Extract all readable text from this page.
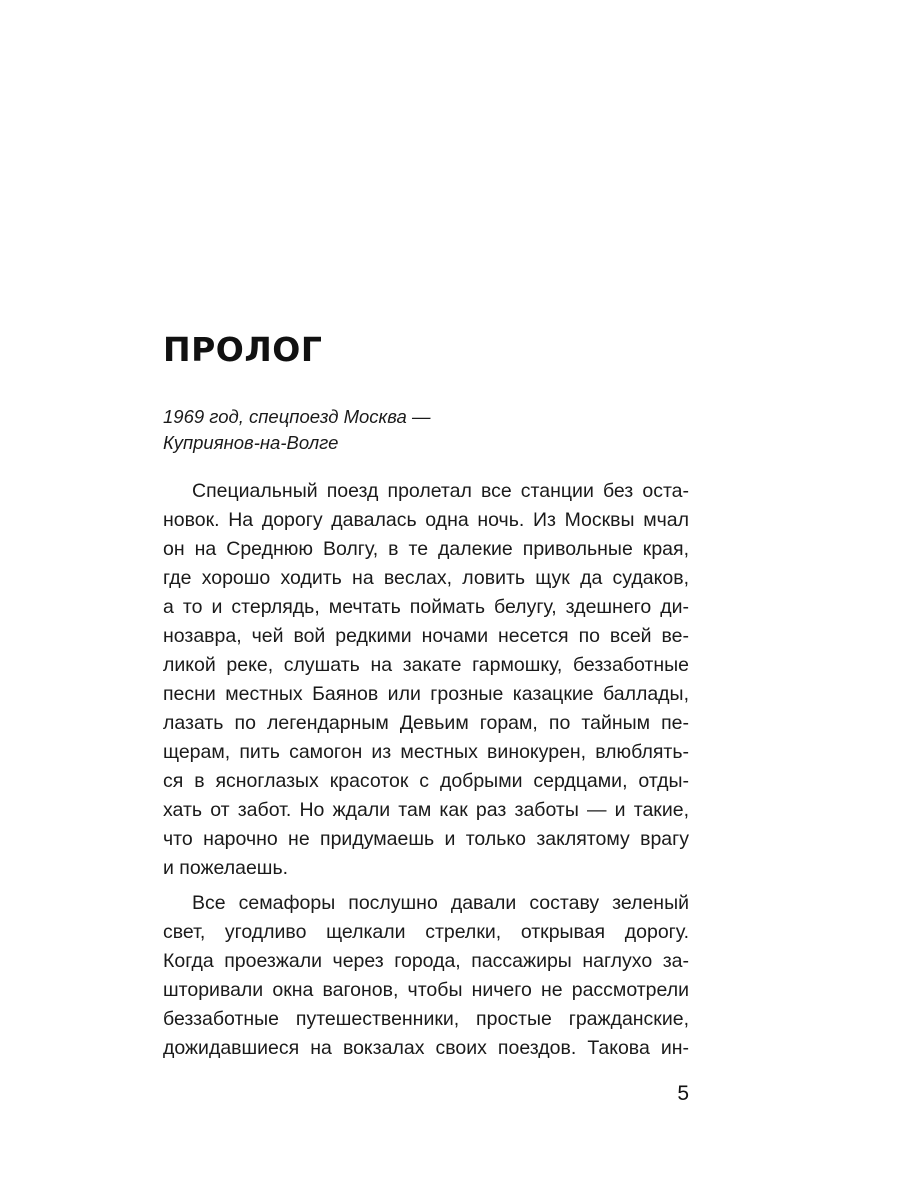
ПРОЛОГ

1969 год, спецпоезд Москва —
Куприянов-на-Волге

Специальный поезд пролетал все станции без оста-
новок. На дорогу давалась одна ночь. Из Москвы мчал
он на Среднюю Волгу, в те далекие привольные края,
где хорошо ходить на веслах, ловить щук да судаков,
а то и стерлядь, мечтать поймать белугу, здешнего ди-
нозавра, чей вой редкими ночами несется по всей ве-
ликой реке, слушать на закате гармошку, беззаботные
песни местных Баянов или грозные казацкие баллады,
лазать по легендарным Девьим горам, по тайным пе-
щерам, пить самогон из местных винокурен, влюблять-
ся в ясноглазых красоток с добрыми сердцами, отды-
хать от забот. Но ждали там как раз заботы — и такие,
что нарочно не придумаешь и только заклятому врагу
и пожелаешь.

Все семафоры послушно давали составу зеленый
свет, угодливо щелкали стрелки, открывая дорогу.
Когда проезжали через города, пассажиры наглухо за-
шторивали окна вагонов, чтобы ничего не рассмотрели
беззаботные путешественники, простые гражданские,
дожидавшиеся на вокзалах своих поездов. Такова ин-

5
